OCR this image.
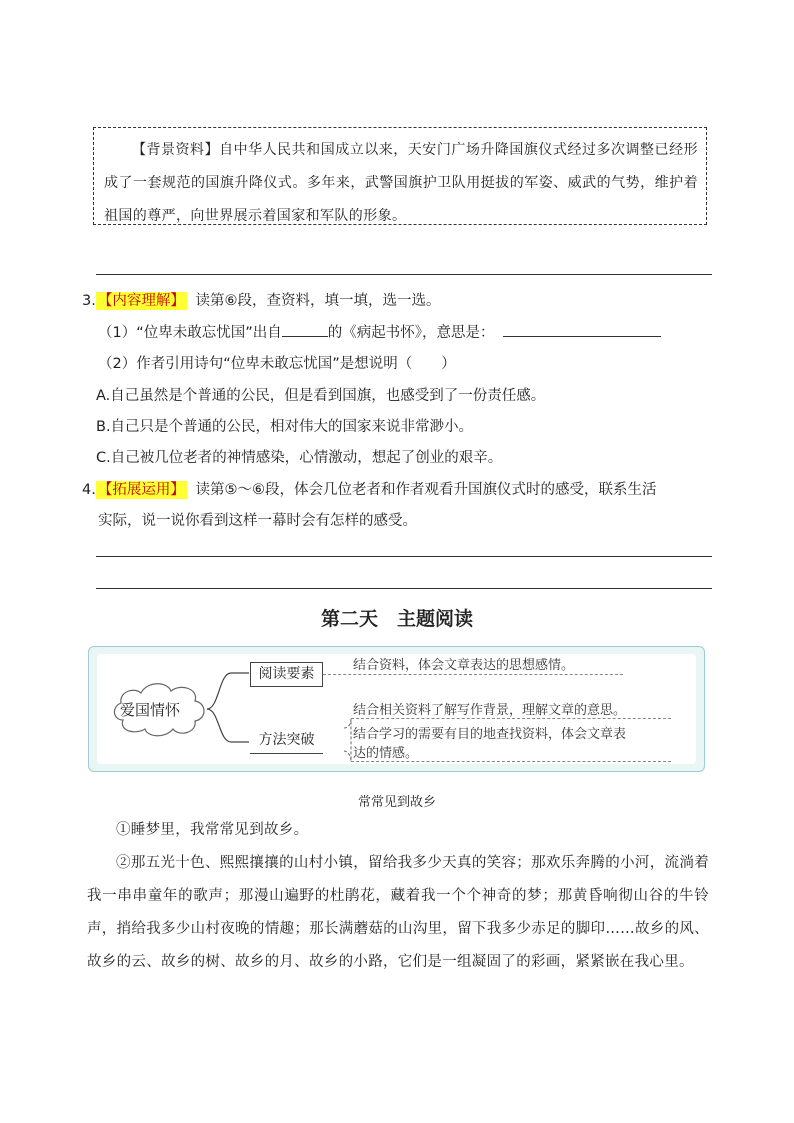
【背景资料】自中华人民共和国成立以来，天安门广场升降国旗仪式经过多次调整已经形成了一套规范的国旗升降仪式。多年来，武警国旗护卫队用挺拔的军姿、威武的气势，维护着祖国的尊严，向世界展示着国家和军队的形象。

3. 【内容理解】 读第⑥段，查资料，填一填，选一选。
（1）“位卑未敢忘忧国”出自	的《病起书怀》，意思是：
（2）作者引用诗句“位卑未敢忘忧国”是想说明（　　）
A.自己虽然是个普通的公民，但是看到国旗，也感受到了一份责任感。
B.自己只是个普通的公民，相对伟大的国家来说非常渺小。
C.自己被几位老者的神情感染，心情激动，想起了创业的艰辛。
4. 【拓展运用】 读第⑤～⑥段，体会几位老者和作者观看升国旗仪式时的感受，联系生活
实际，说一说你看到这样一幕时会有怎样的感受。
第二天　主题阅读
爱国情怀
阅读要素
结合资料，体会文章表达的思想感情。
方法突破
结合相关资料了解写作背景，理解文章的意思。
结合学习的需要有目的地查找资料，体会文章表
达的情感。
常常见到故乡

①睡梦里，我常常见到故乡。

②那五光十色、熙熙攘攘的山村小镇，留给我多少天真的笑容；那欢乐奔腾的小河，流淌着我一串串童年的歌声；那漫山遍野的杜鹃花，藏着我一个个神奇的梦；那黄昏响彻山谷的牛铃声，捎给我多少山村夜晚的情趣；那长满蘑菇的山沟里，留下我多少赤足的脚印……故乡的风、故乡的云、故乡的树、故乡的月、故乡的小路，它们是一组凝固了的彩画，紧紧嵌在我心里。
